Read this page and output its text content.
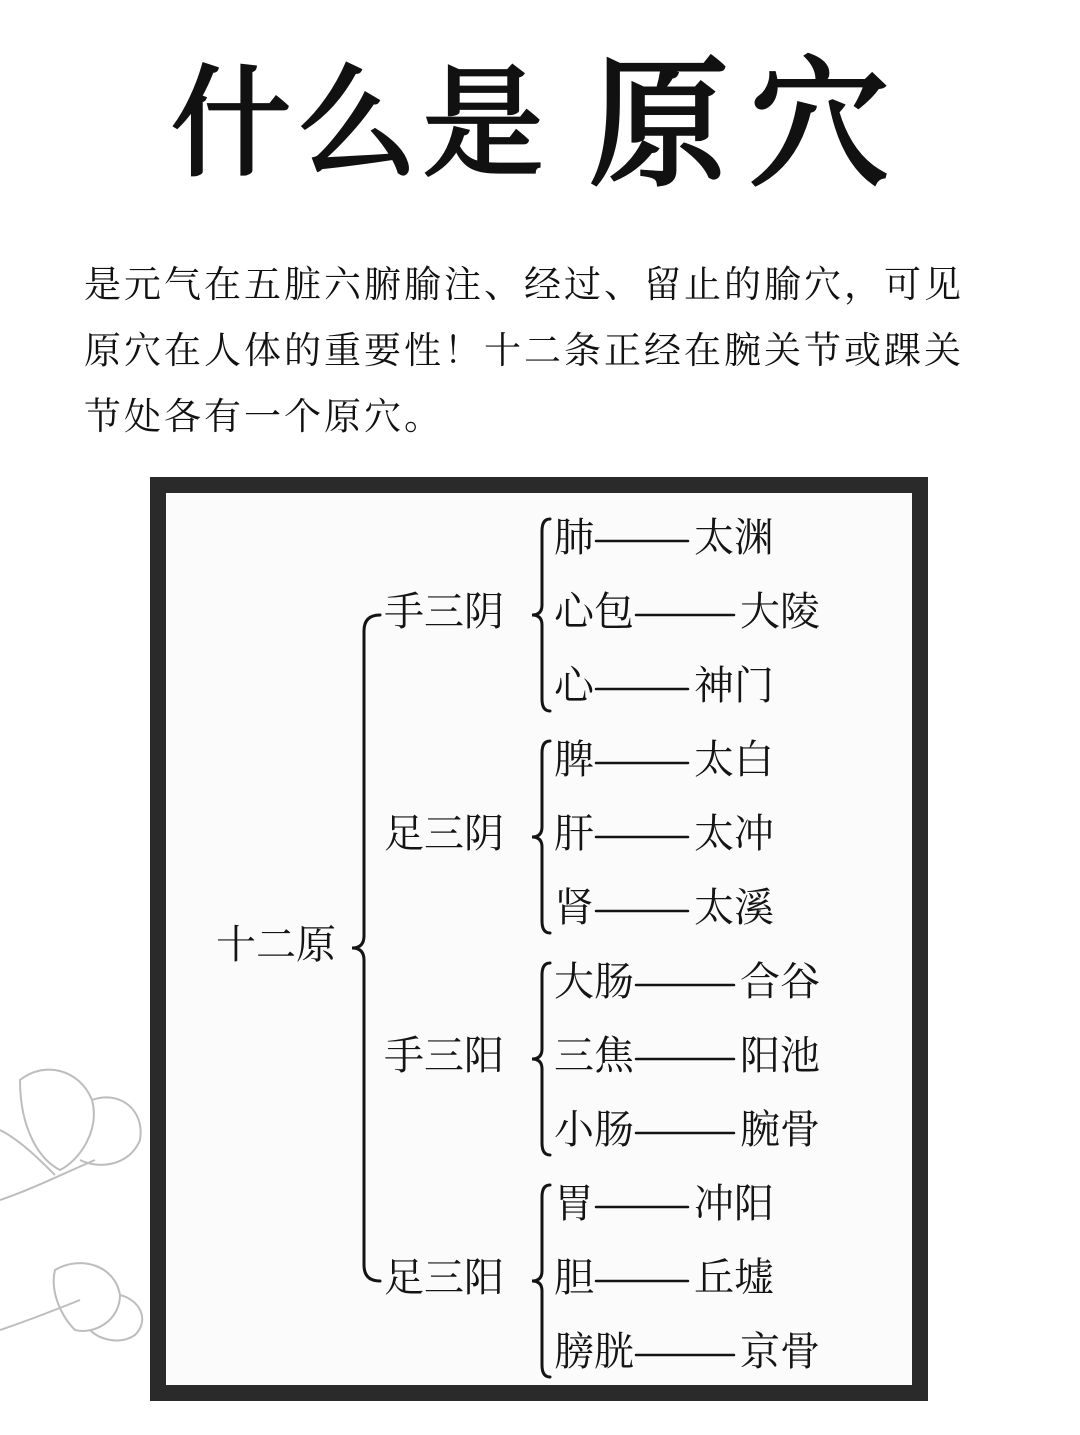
什么是 原穴

是元气在五脏六腑腧注、经过、留止的腧穴，可见原穴在人体的重要性！十二条正经在腕关节或踝关节处各有一个原穴。

肺	太渊
心包	大陵
心	神门
手三阴
脾	太白
肝	太冲
肾	太溪
足三阴
大肠	合谷
三焦	阳池
小肠	腕骨
手三阳
胃	冲阳
胆	丘墟
膀胱	京骨
足三阳
十二原
